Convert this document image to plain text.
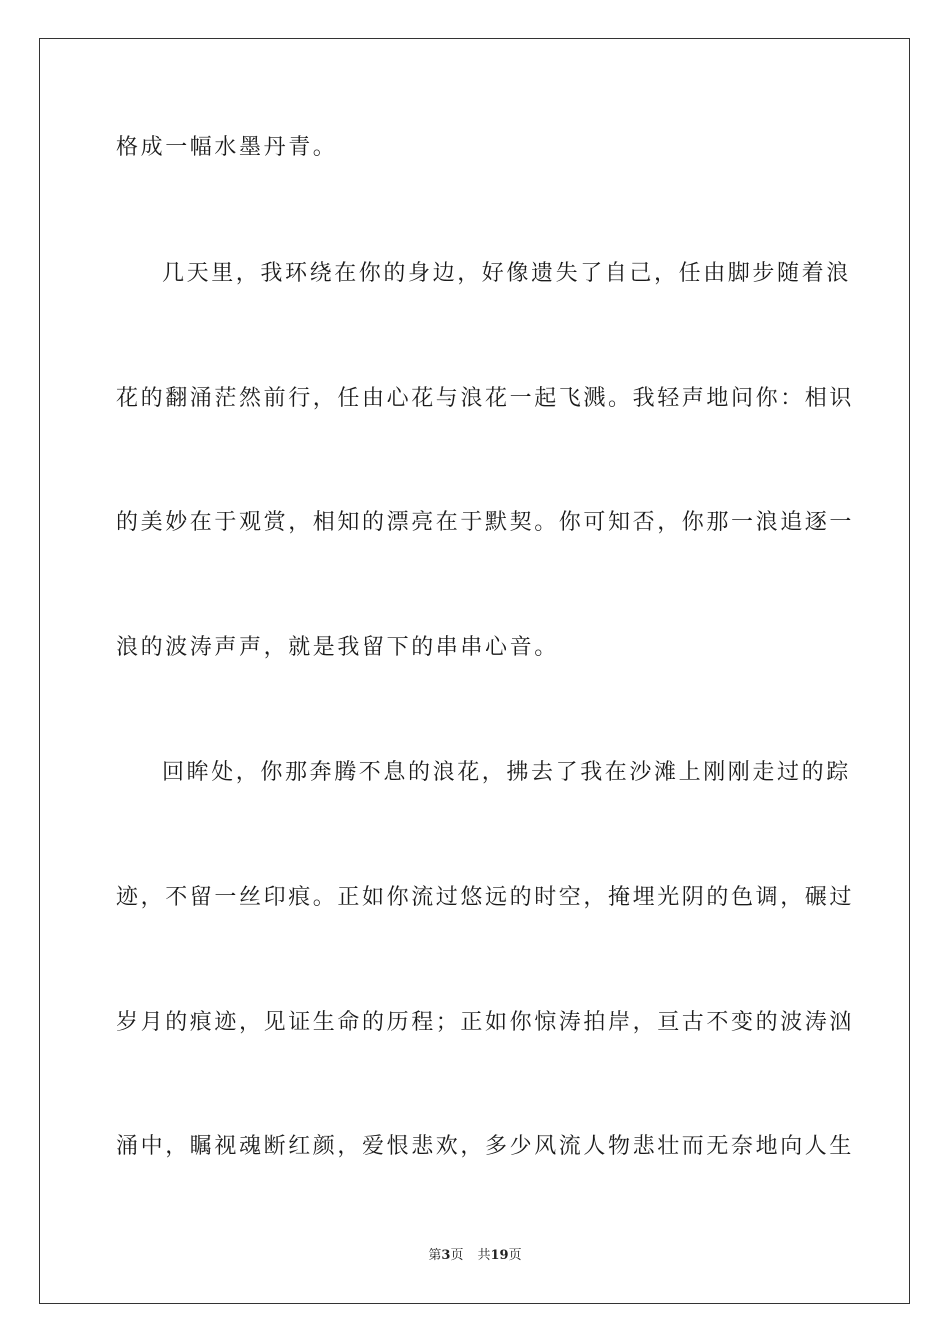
格成一幅水墨丹青。

几天里，我环绕在你的身边，好像遗失了自己，任由脚步随着浪

花的翻涌茫然前行，任由心花与浪花一起飞溅。我轻声地问你：相识

的美妙在于观赏，相知的漂亮在于默契。你可知否，你那一浪追逐一

浪的波涛声声，就是我留下的串串心音。

回眸处，你那奔腾不息的浪花，拂去了我在沙滩上刚刚走过的踪

迹，不留一丝印痕。正如你流过悠远的时空，掩埋光阴的色调，碾过

岁月的痕迹，见证生命的历程；正如你惊涛拍岸，亘古不变的波涛汹

涌中，瞩视魂断红颜，爱恨悲欢，多少风流人物悲壮而无奈地向人生

第3页 共19页
